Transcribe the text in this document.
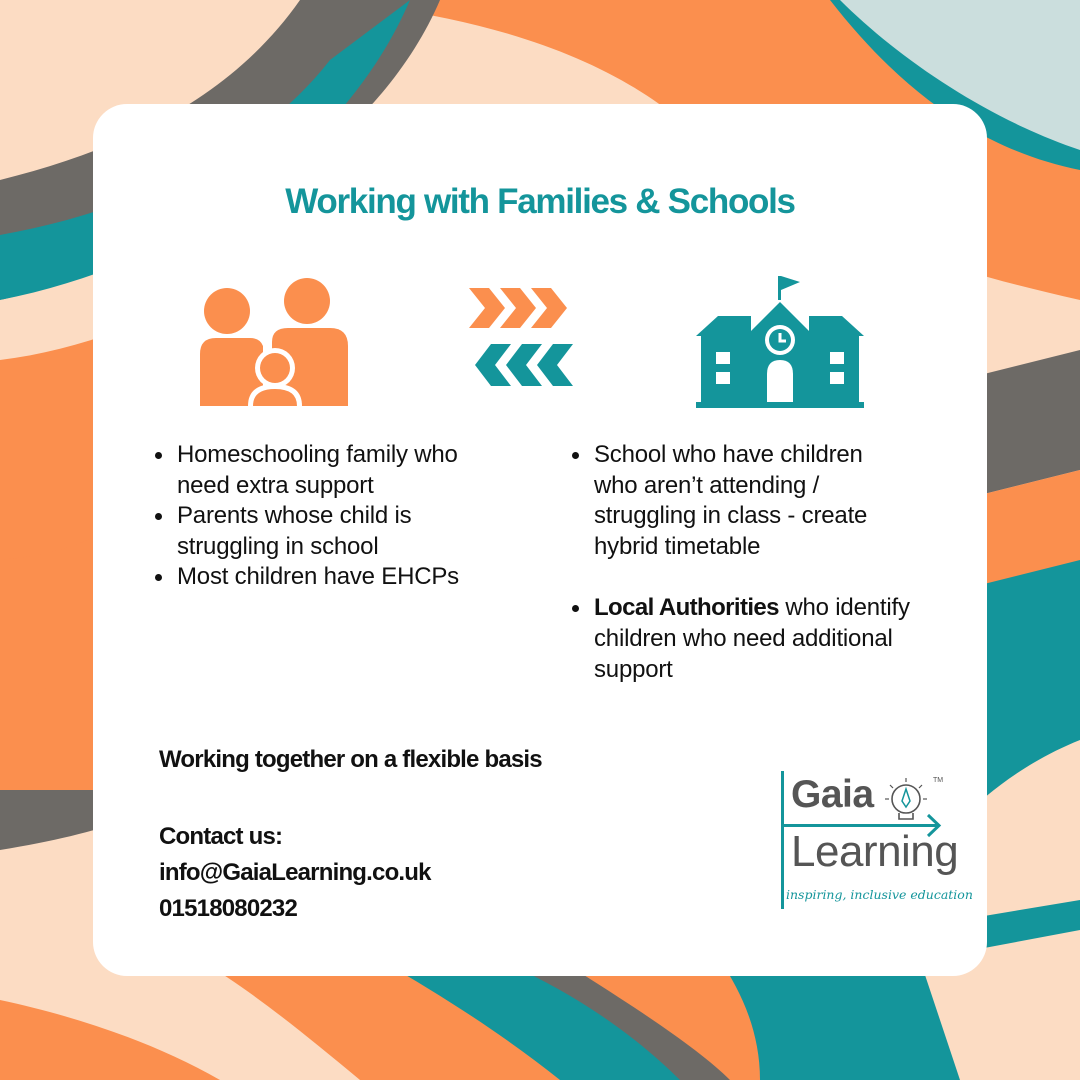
Working with Families & Schools
Homeschooling family who need extra support
Parents whose child is struggling in school
Most children have EHCPs
School who have children who aren’t attending / struggling in class - create hybrid timetable
Local Authorities who identify children who need additional support

Working together on a flexible basis

Contact us:
info@GaiaLearning.co.uk
01518080232
TM
Gaia
Learning
inspiring, inclusive education
